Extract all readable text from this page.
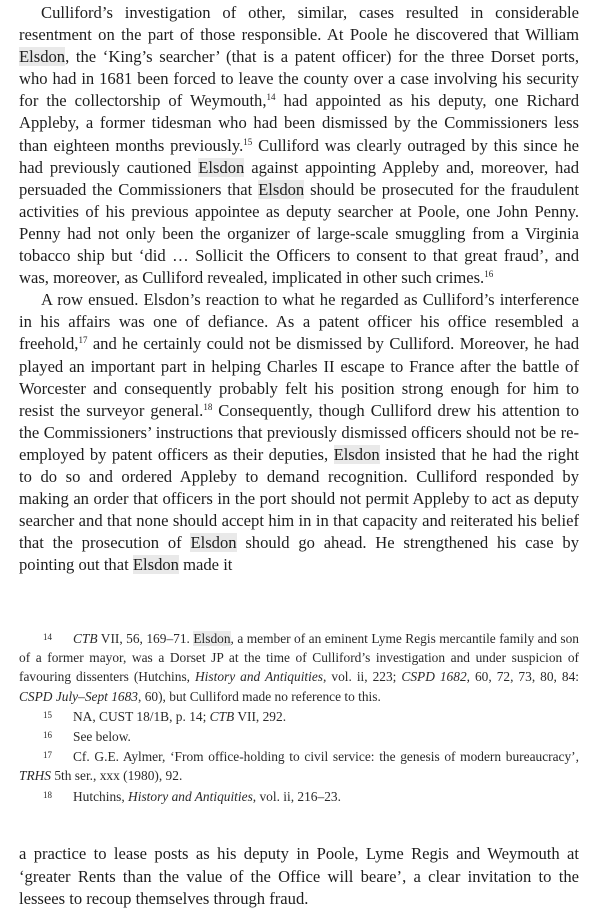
Culliford’s investigation of other, similar, cases resulted in considerable resentment on the part of those responsible. At Poole he discovered that William Elsdon, the ‘King’s searcher’ (that is a patent officer) for the three Dorset ports, who had in 1681 been forced to leave the county over a case involving his security for the collectorship of Weymouth,$^{14}$ had appointed as his deputy, one Richard Appleby, a former tidesman who had been dismissed by the Commissioners less than eighteen months previously.$^{15}$ Culliford was clearly outraged by this since he had previously cautioned Elsdon against appointing Appleby and, moreover, had persuaded the Commissioners that Elsdon should be prosecuted for the fraudulent activities of his previous appointee as deputy searcher at Poole, one John Penny. Penny had not only been the organizer of large-scale smuggling from a Virginia tobacco ship but ‘did … Sollicit the Officers to consent to that great fraud’, and was, moreover, as Culliford revealed, implicated in other such crimes.$^{16}$

A row ensued. Elsdon’s reaction to what he regarded as Culliford’s interference in his affairs was one of defiance. As a patent officer his office resembled a freehold,$^{17}$ and he certainly could not be dismissed by Culliford. Moreover, he had played an important part in helping Charles II escape to France after the battle of Worcester and consequently probably felt his position strong enough for him to resist the surveyor general.$^{18}$ Consequently, though Culliford drew his attention to the Commissioners’ instructions that previously dismissed officers should not be re-employed by patent officers as their deputies, Elsdon insisted that he had the right to do so and ordered Appleby to demand recognition. Culliford responded by making an order that officers in the port should not permit Appleby to act as deputy searcher and that none should accept him in in that capacity and reiterated his belief that the prosecution of Elsdon should go ahead. He strengthened his case by pointing out that Elsdon made it

14 CTB VII, 56, 169–71. Elsdon, a member of an eminent Lyme Regis mercantile family and son of a former mayor, was a Dorset JP at the time of Culliford’s investigation and under suspicion of favouring dissenters (Hutchins, History and Antiquities, vol. ii, 223; CSPD 1682, 60, 72, 73, 80, 84: CSPD July–Sept 1683, 60), but Culliford made no reference to this.

15 NA, CUST 18/1B, p. 14; CTB VII, 292.

16 See below.

17 Cf. G.E. Aylmer, ‘From office-holding to civil service: the genesis of modern bureaucracy’, TRHS 5th ser., xxx (1980), 92.

18 Hutchins, History and Antiquities, vol. ii, 216–23.

a practice to lease posts as his deputy in Poole, Lyme Regis and Weymouth at ‘greater Rents than the value of the Office will beare’, a clear invitation to the lessees to recoup themselves through fraud.
